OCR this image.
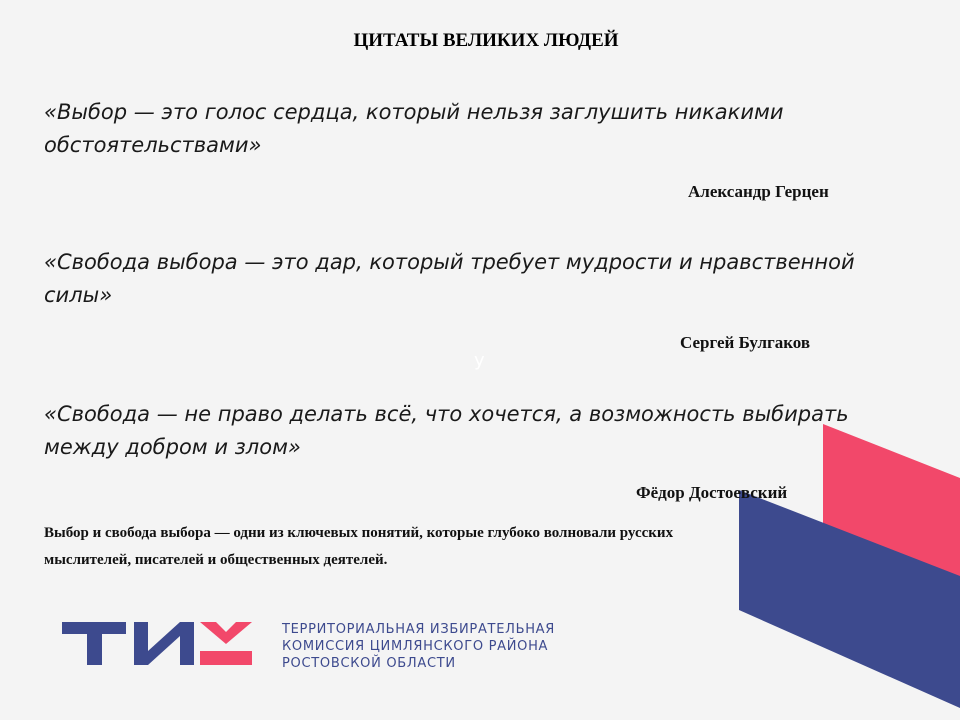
ЦИТАТЫ ВЕЛИКИХ ЛЮДЕЙ
«Выбор — это голос сердца, который нельзя заглушить никакими обстоятельствами»
Александр Герцен
«Свобода выбора — это дар, который требует мудрости и нравственной силы»
Сергей Булгаков
у
«Свобода — не право делать всё, что хочется, а возможность выбирать между добром и злом»
Фёдор Достоевский
Выбор и свобода выбора — одни из ключевых понятий, которые глубоко волновали русских мыслителей, писателей и общественных деятелей.
ТЕРРИТОРИАЛЬНАЯ ИЗБИРАТЕЛЬНАЯ
КОМИССИЯ ЦИМЛЯНСКОГО РАЙОНА
РОСТОВСКОЙ ОБЛАСТИ
